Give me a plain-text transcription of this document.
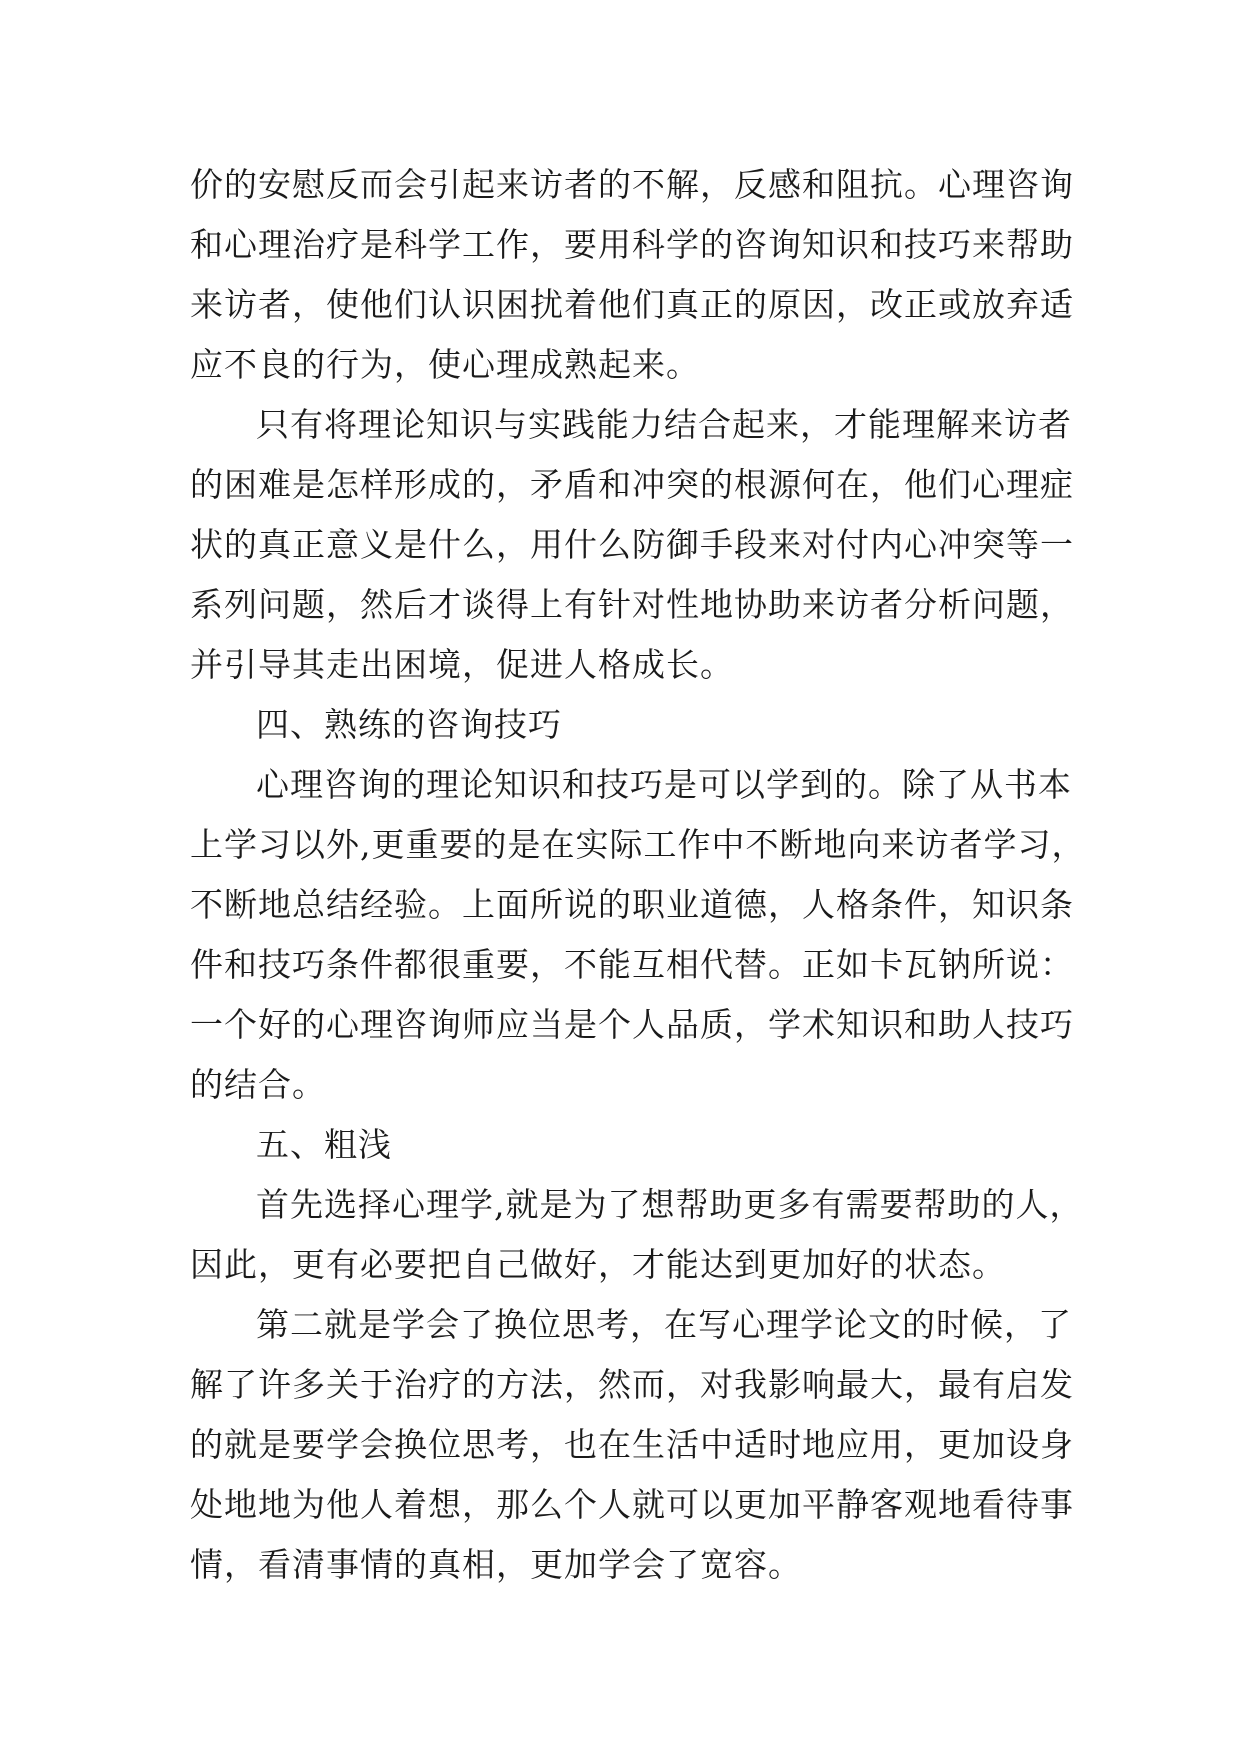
价的安慰反而会引起来访者的不解，反感和阻抗。心理咨询
和心理治疗是科学工作，要用科学的咨询知识和技巧来帮助
来访者，使他们认识困扰着他们真正的原因，改正或放弃适
应不良的行为，使心理成熟起来。
只有将理论知识与实践能力结合起来，才能理解来访者
的困难是怎样形成的，矛盾和冲突的根源何在，他们心理症
状的真正意义是什么，用什么防御手段来对付内心冲突等一
系列问题，然后才谈得上有针对性地协助来访者分析问题，
并引导其走出困境，促进人格成长。
四、熟练的咨询技巧
心理咨询的理论知识和技巧是可以学到的。除了从书本
上学习以外,更重要的是在实际工作中不断地向来访者学习，
不断地总结经验。上面所说的职业道德，人格条件，知识条
件和技巧条件都很重要，不能互相代替。正如卡瓦钠所说：
一个好的心理咨询师应当是个人品质，学术知识和助人技巧
的结合。
五、粗浅
首先选择心理学,就是为了想帮助更多有需要帮助的人，
因此，更有必要把自己做好，才能达到更加好的状态。
第二就是学会了换位思考，在写心理学论文的时候，了
解了许多关于治疗的方法，然而，对我影响最大，最有启发
的就是要学会换位思考，也在生活中适时地应用，更加设身
处地地为他人着想，那么个人就可以更加平静客观地看待事
情，看清事情的真相，更加学会了宽容。
